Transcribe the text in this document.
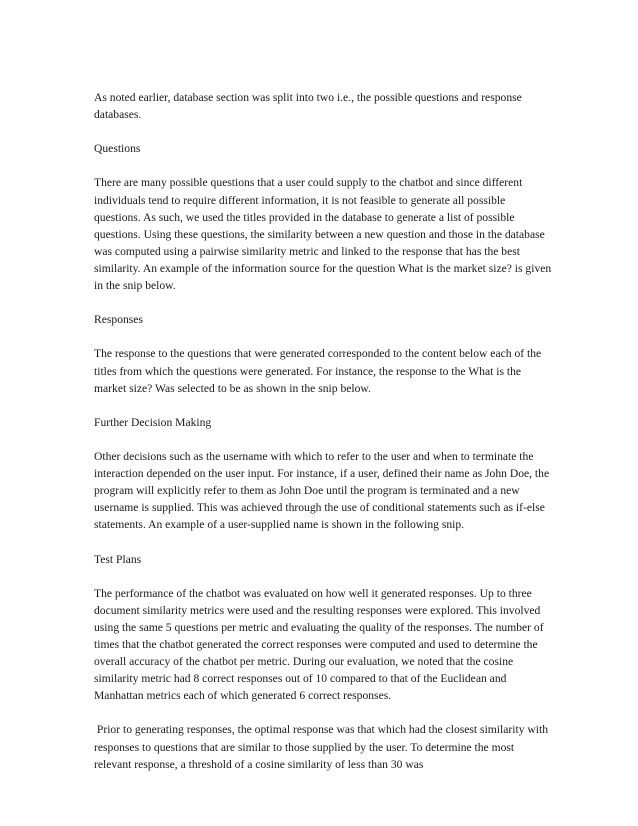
As noted earlier, database section was split into two i.e., the possible questions and response databases.

Questions

There are many possible questions that a user could supply to the chatbot and since different individuals tend to require different information, it is not feasible to generate all possible questions. As such, we used the titles provided in the database to generate a list of possible questions. Using these questions, the similarity between a new question and those in the database was computed using a pairwise similarity metric and linked to the response that has the best similarity. An example of the information source for the question What is the market size? is given in the snip below.

Responses

The response to the questions that were generated corresponded to the content below each of the titles from which the questions were generated. For instance, the response to the What is the market size? Was selected to be as shown in the snip below.

Further Decision Making

Other decisions such as the username with which to refer to the user and when to terminate the interaction depended on the user input. For instance, if a user, defined their name as John Doe, the program will explicitly refer to them as John Doe until the program is terminated and a new username is supplied. This was achieved through the use of conditional statements such as if-else statements. An example of a user-supplied name is shown in the following snip.

Test Plans

The performance of the chatbot was evaluated on how well it generated responses. Up to three document similarity metrics were used and the resulting responses were explored. This involved using the same 5 questions per metric and evaluating the quality of the responses. The number of times that the chatbot generated the correct responses were computed and used to determine the overall accuracy of the chatbot per metric. During our evaluation, we noted that the cosine similarity metric had 8 correct responses out of 10 compared to that of the Euclidean and Manhattan metrics each of which generated 6 correct responses.

Prior to generating responses, the optimal response was that which had the closest similarity with responses to questions that are similar to those supplied by the user. To determine the most relevant response, a threshold of a cosine similarity of less than 30 was
